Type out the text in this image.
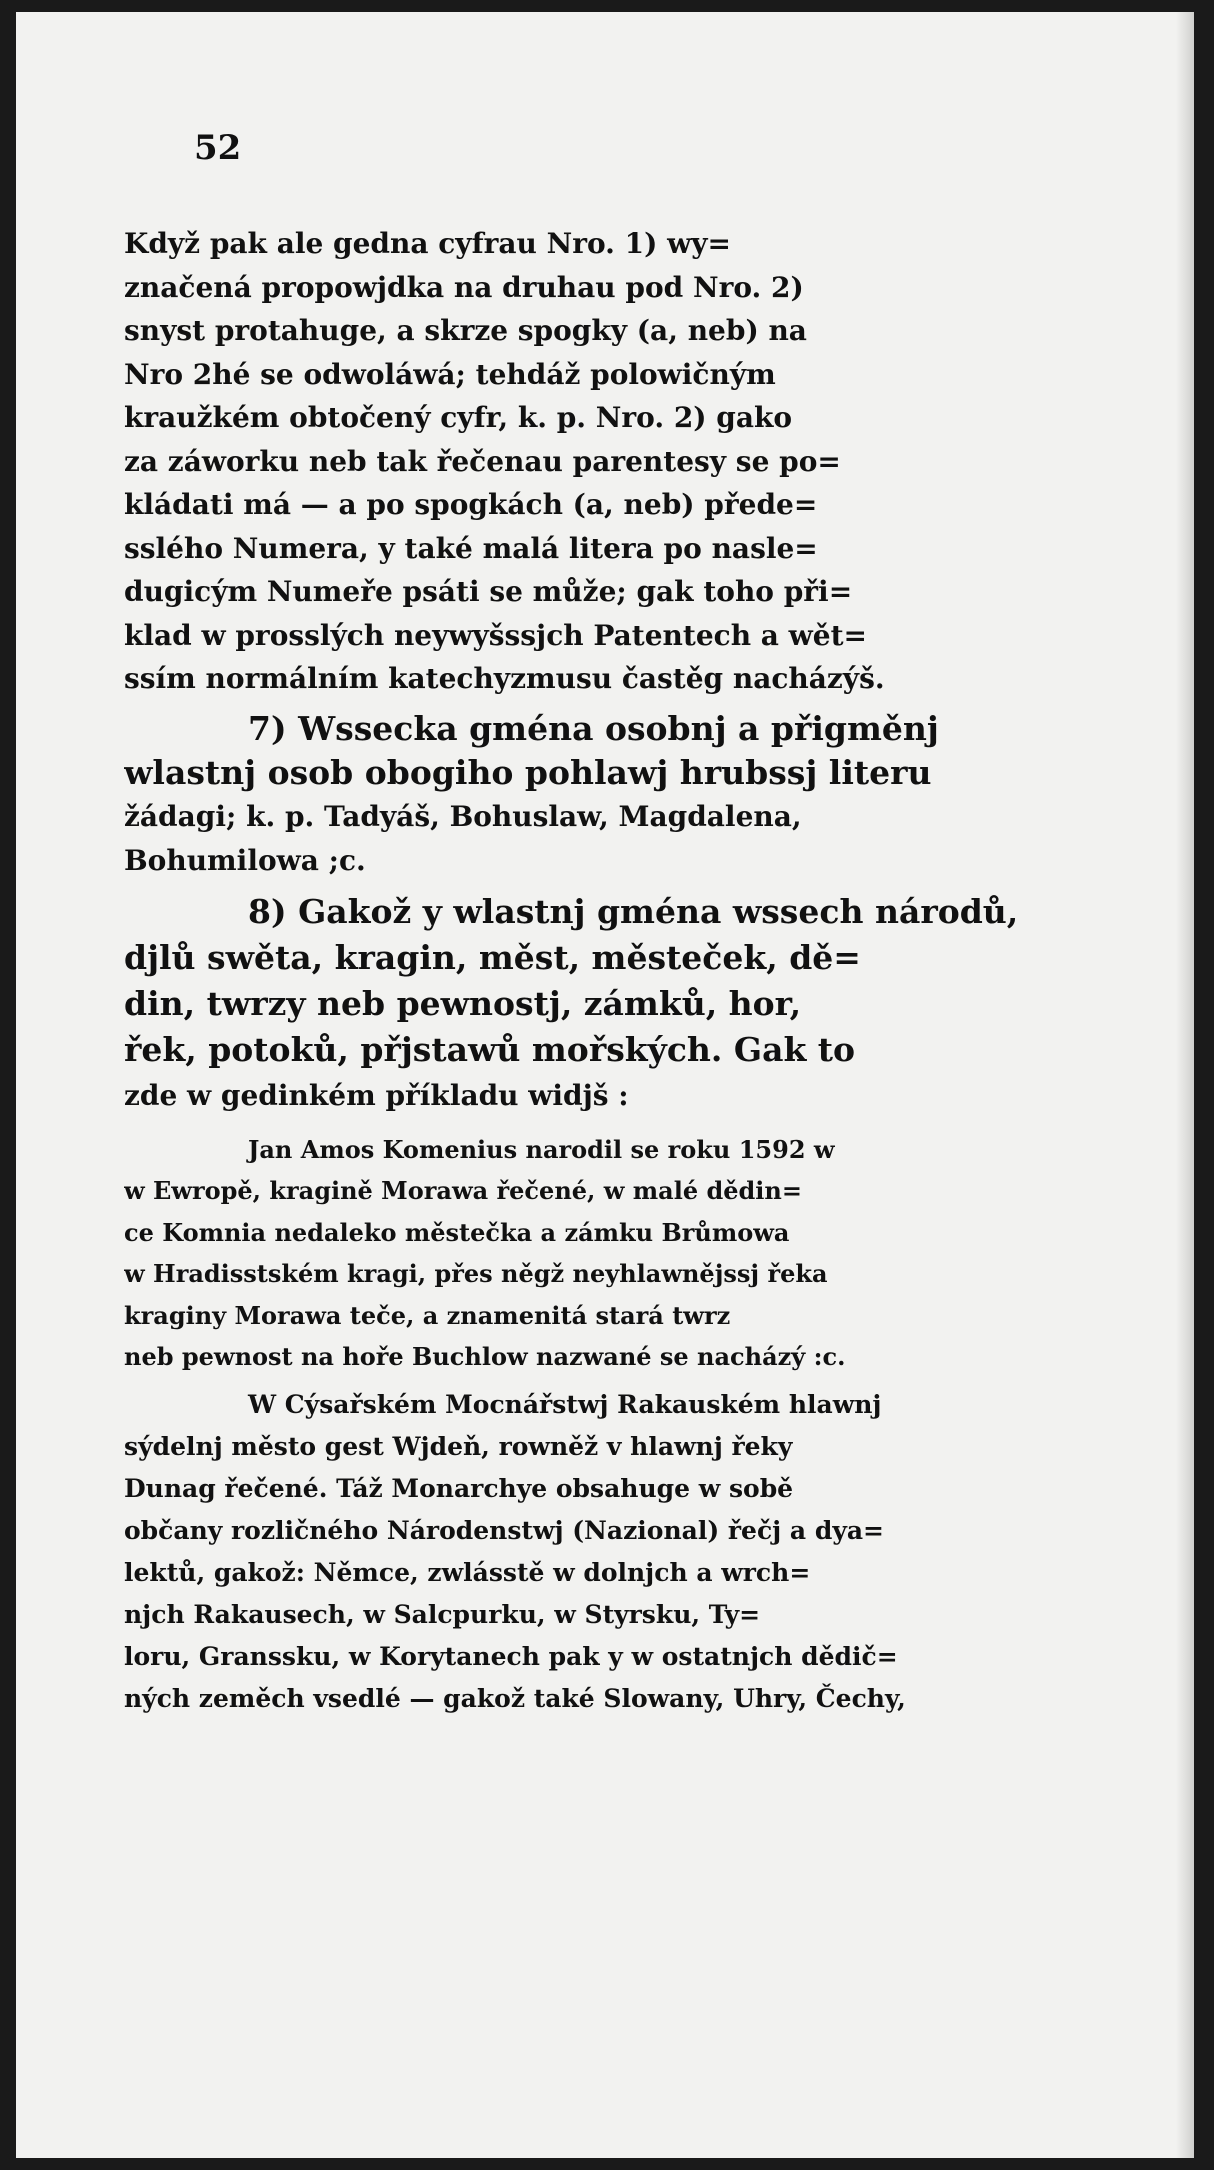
52

Když pak ale gedna cyfrau Nro. 1) wy=

značená propowjdka na druhau pod Nro. 2)

snyst protahuge, a skrze spogky (a, neb) na

Nro 2hé se odwoláwá; tehdáž polowičným

kraužkém obtočený cyfr, k. p. Nro. 2) gako

za záworku neb tak řečenau parentesy se po=

kládati má — a po spogkách (a, neb) přede=

sslého Numera, y také malá litera po nasle=

dugicým Numeře psáti se může; gak toho při=

klad w prosslých neywyšssjch Patentech a wět=

ssím normálním katechyzmusu častěg nacházýš.

7) Wssecka gména osobnj a přigměnj

wlastnj osob obogiho pohlawj hrubssj literu

žádagi; k. p. Tadyáš, Bohuslaw, Magdalena,

Bohumilowa ;c.

8) Gakož y wlastnj gména wssech národů,

djlů swěta, kragin, měst, městeček, dě=

din, twrzy neb pewnostj, zámků, hor,

řek, potoků, přjstawů mořských. Gak to

zde w gedinkém příkladu widjš :

Jan Amos Komenius narodil se roku 1592 w

w Ewropě, kragině Morawa řečené, w malé dědin=

ce Komnia nedaleko městečka a zámku Brůmowa

w Hradisstském kragi, přes něgž neyhlawnějssj řeka

kraginy Morawa teče, a znamenitá stará twrz

neb pewnost na hoře Buchlow nazwané se nacházý :c.

W Cýsařském Mocnářstwj Rakauském hlawnj

sýdelnj město gest Wjdeň, rowněž v hlawnj řeky

Dunag řečené. Táž Monarchye obsahuge w sobě

občany rozličného Národenstwj (Nazional) řečj a dya=

lektů, gakož: Němce, zwlásstě w dolnjch a wrch=

njch Rakausech, w Salcpurku, w Styrsku, Ty=

loru, Granssku, w Korytanech pak y w ostatnjch dědič=

ných zeměch vsedlé — gakož také Slowany, Uhry, Čechy,
